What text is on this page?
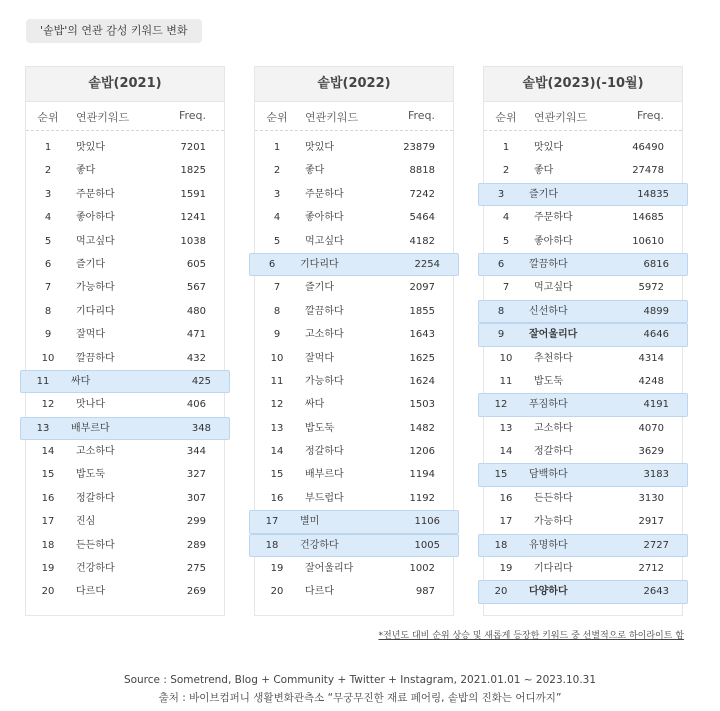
'솥밥'의 연관 감성 키워드 변화
솥밥(2021)
순위	연관키워드	Freq.
1	맛있다	7201
2	좋다	1825
3	주문하다	1591
4	좋아하다	1241
5	먹고싶다	1038
6	즐기다	605
7	가능하다	567
8	기다리다	480
9	잘먹다	471
10	깔끔하다	432
11	싸다	425
12	맛나다	406
13	배부르다	348
14	고소하다	344
15	밥도둑	327
16	정갈하다	307
17	진심	299
18	든든하다	289
19	건강하다	275
20	다르다	269
솥밥(2022)
순위	연관키워드	Freq.
1	맛있다	23879
2	좋다	8818
3	주문하다	7242
4	좋아하다	5464
5	먹고싶다	4182
6	기다리다	2254
7	즐기다	2097
8	깔끔하다	1855
9	고소하다	1643
10	잘먹다	1625
11	가능하다	1624
12	싸다	1503
13	밥도둑	1482
14	정갈하다	1206
15	배부르다	1194
16	부드럽다	1192
17	별미	1106
18	건강하다	1005
19	잘어울리다	1002
20	다르다	987
솥밥(2023)(-10월)
순위	연관키워드	Freq.
1	맛있다	46490
2	좋다	27478
3	즐기다	14835
4	주문하다	14685
5	좋아하다	10610
6	깔끔하다	6816
7	먹고싶다	5972
8	신선하다	4899
9	잘어울리다	4646
10	추천하다	4314
11	밥도둑	4248
12	푸짐하다	4191
13	고소하다	4070
14	정갈하다	3629
15	담백하다	3183
16	든든하다	3130
17	가능하다	2917
18	유명하다	2727
19	기다리다	2712
20	다양하다	2643
*전년도 대비 순위 상승 및 새롭게 등장한 키워드 중 선별적으로 하이라이트 함
Source : Sometrend, Blog + Community + Twitter + Instagram, 2021.01.01 ~ 2023.10.31
출처 : 바이브컴퍼니 생활변화관측소 “무궁무진한 재료 페어링, 솥밥의 진화는 어디까지”
